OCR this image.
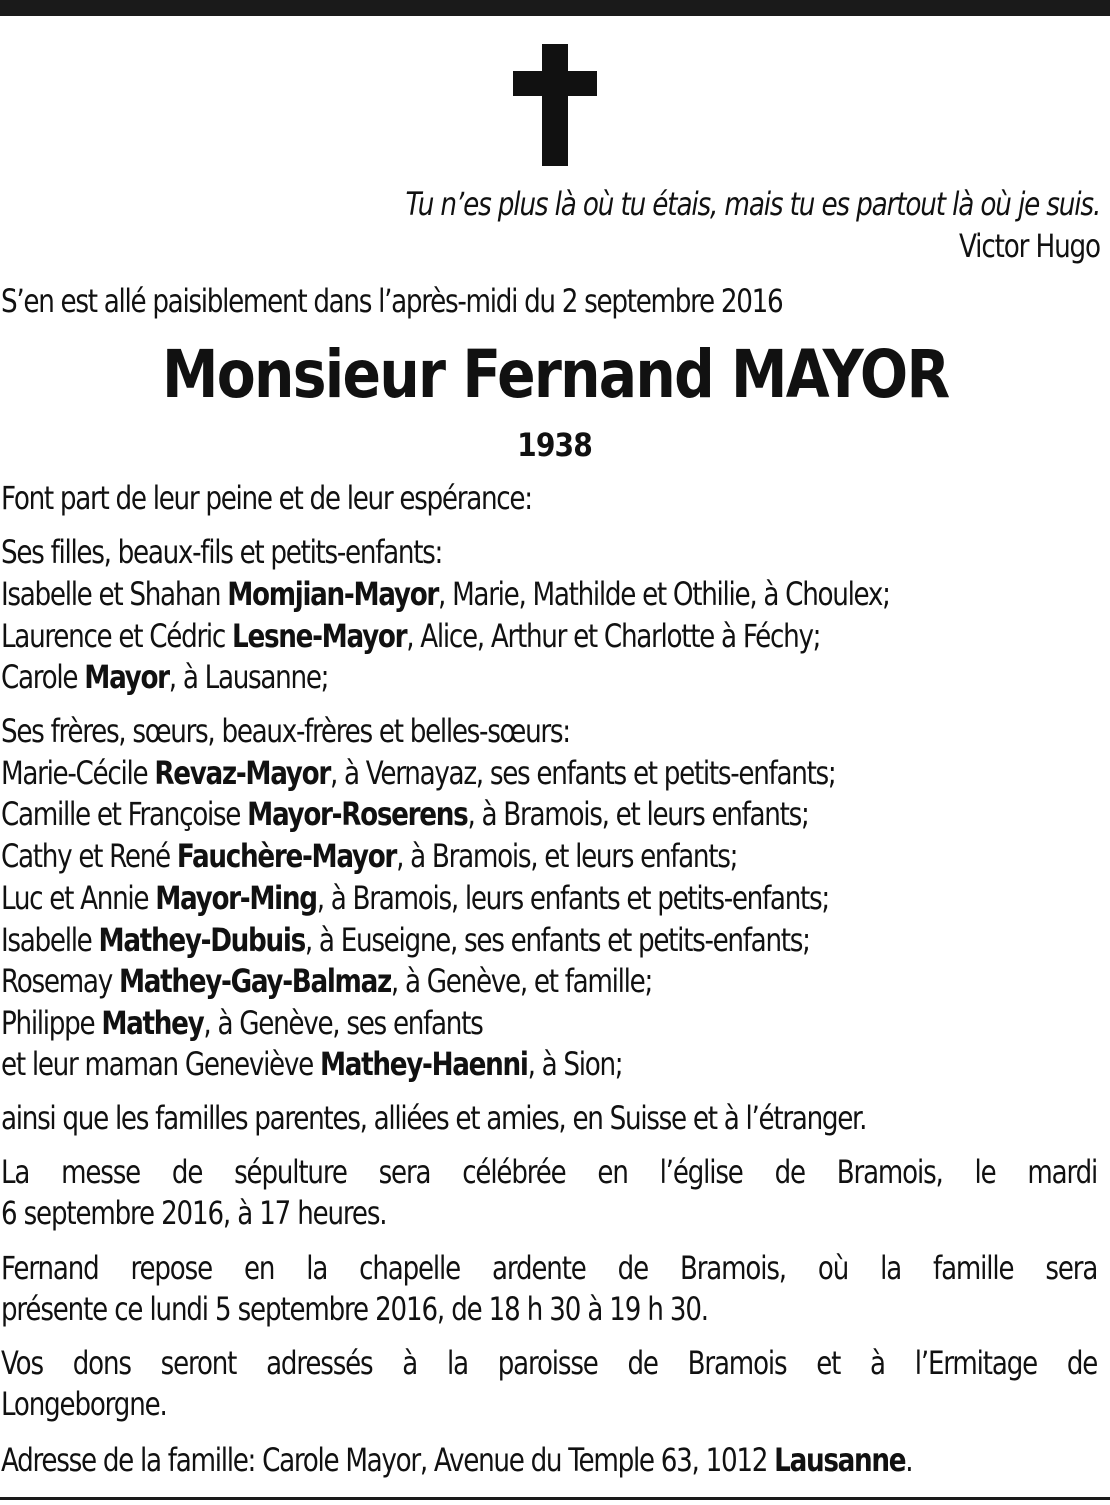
Tu n’es plus là où tu étais, mais tu es partout là où je suis.
Victor Hugo
S’en est allé paisiblement dans l’après-midi du 2 septembre 2016
Monsieur Fernand MAYOR
1938
Font part de leur peine et de leur espérance:
Ses filles, beaux-fils et petits-enfants:
Isabelle et Shahan Momjian-Mayor, Marie, Mathilde et Othilie, à Choulex;
Laurence et Cédric Lesne-Mayor, Alice, Arthur et Charlotte à Féchy;
Carole Mayor, à Lausanne;
Ses frères, sœurs, beaux-frères et belles-sœurs:
Marie-Cécile Revaz-Mayor, à Vernayaz, ses enfants et petits-enfants;
Camille et Françoise Mayor-Roserens, à Bramois, et leurs enfants;
Cathy et René Fauchère-Mayor, à Bramois, et leurs enfants;
Luc et Annie Mayor-Ming, à Bramois, leurs enfants et petits-enfants;
Isabelle Mathey-Dubuis, à Euseigne, ses enfants et petits-enfants;
Rosemay Mathey-Gay-Balmaz, à Genève, et famille;
Philippe Mathey, à Genève, ses enfants
et leur maman Geneviève Mathey-Haenni, à Sion;
ainsi que les familles parentes, alliées et amies, en Suisse et à l’étranger.
La messe de sépulture sera célébrée en l’église de Bramois, le mardi
6 septembre 2016, à 17 heures.
Fernand repose en la chapelle ardente de Bramois, où la famille sera
présente ce lundi 5 septembre 2016, de 18 h 30 à 19 h 30.
Vos dons seront adressés à la paroisse de Bramois et à l’Ermitage de
Longeborgne.
Adresse de la famille: Carole Mayor, Avenue du Temple 63, 1012 Lausanne.
